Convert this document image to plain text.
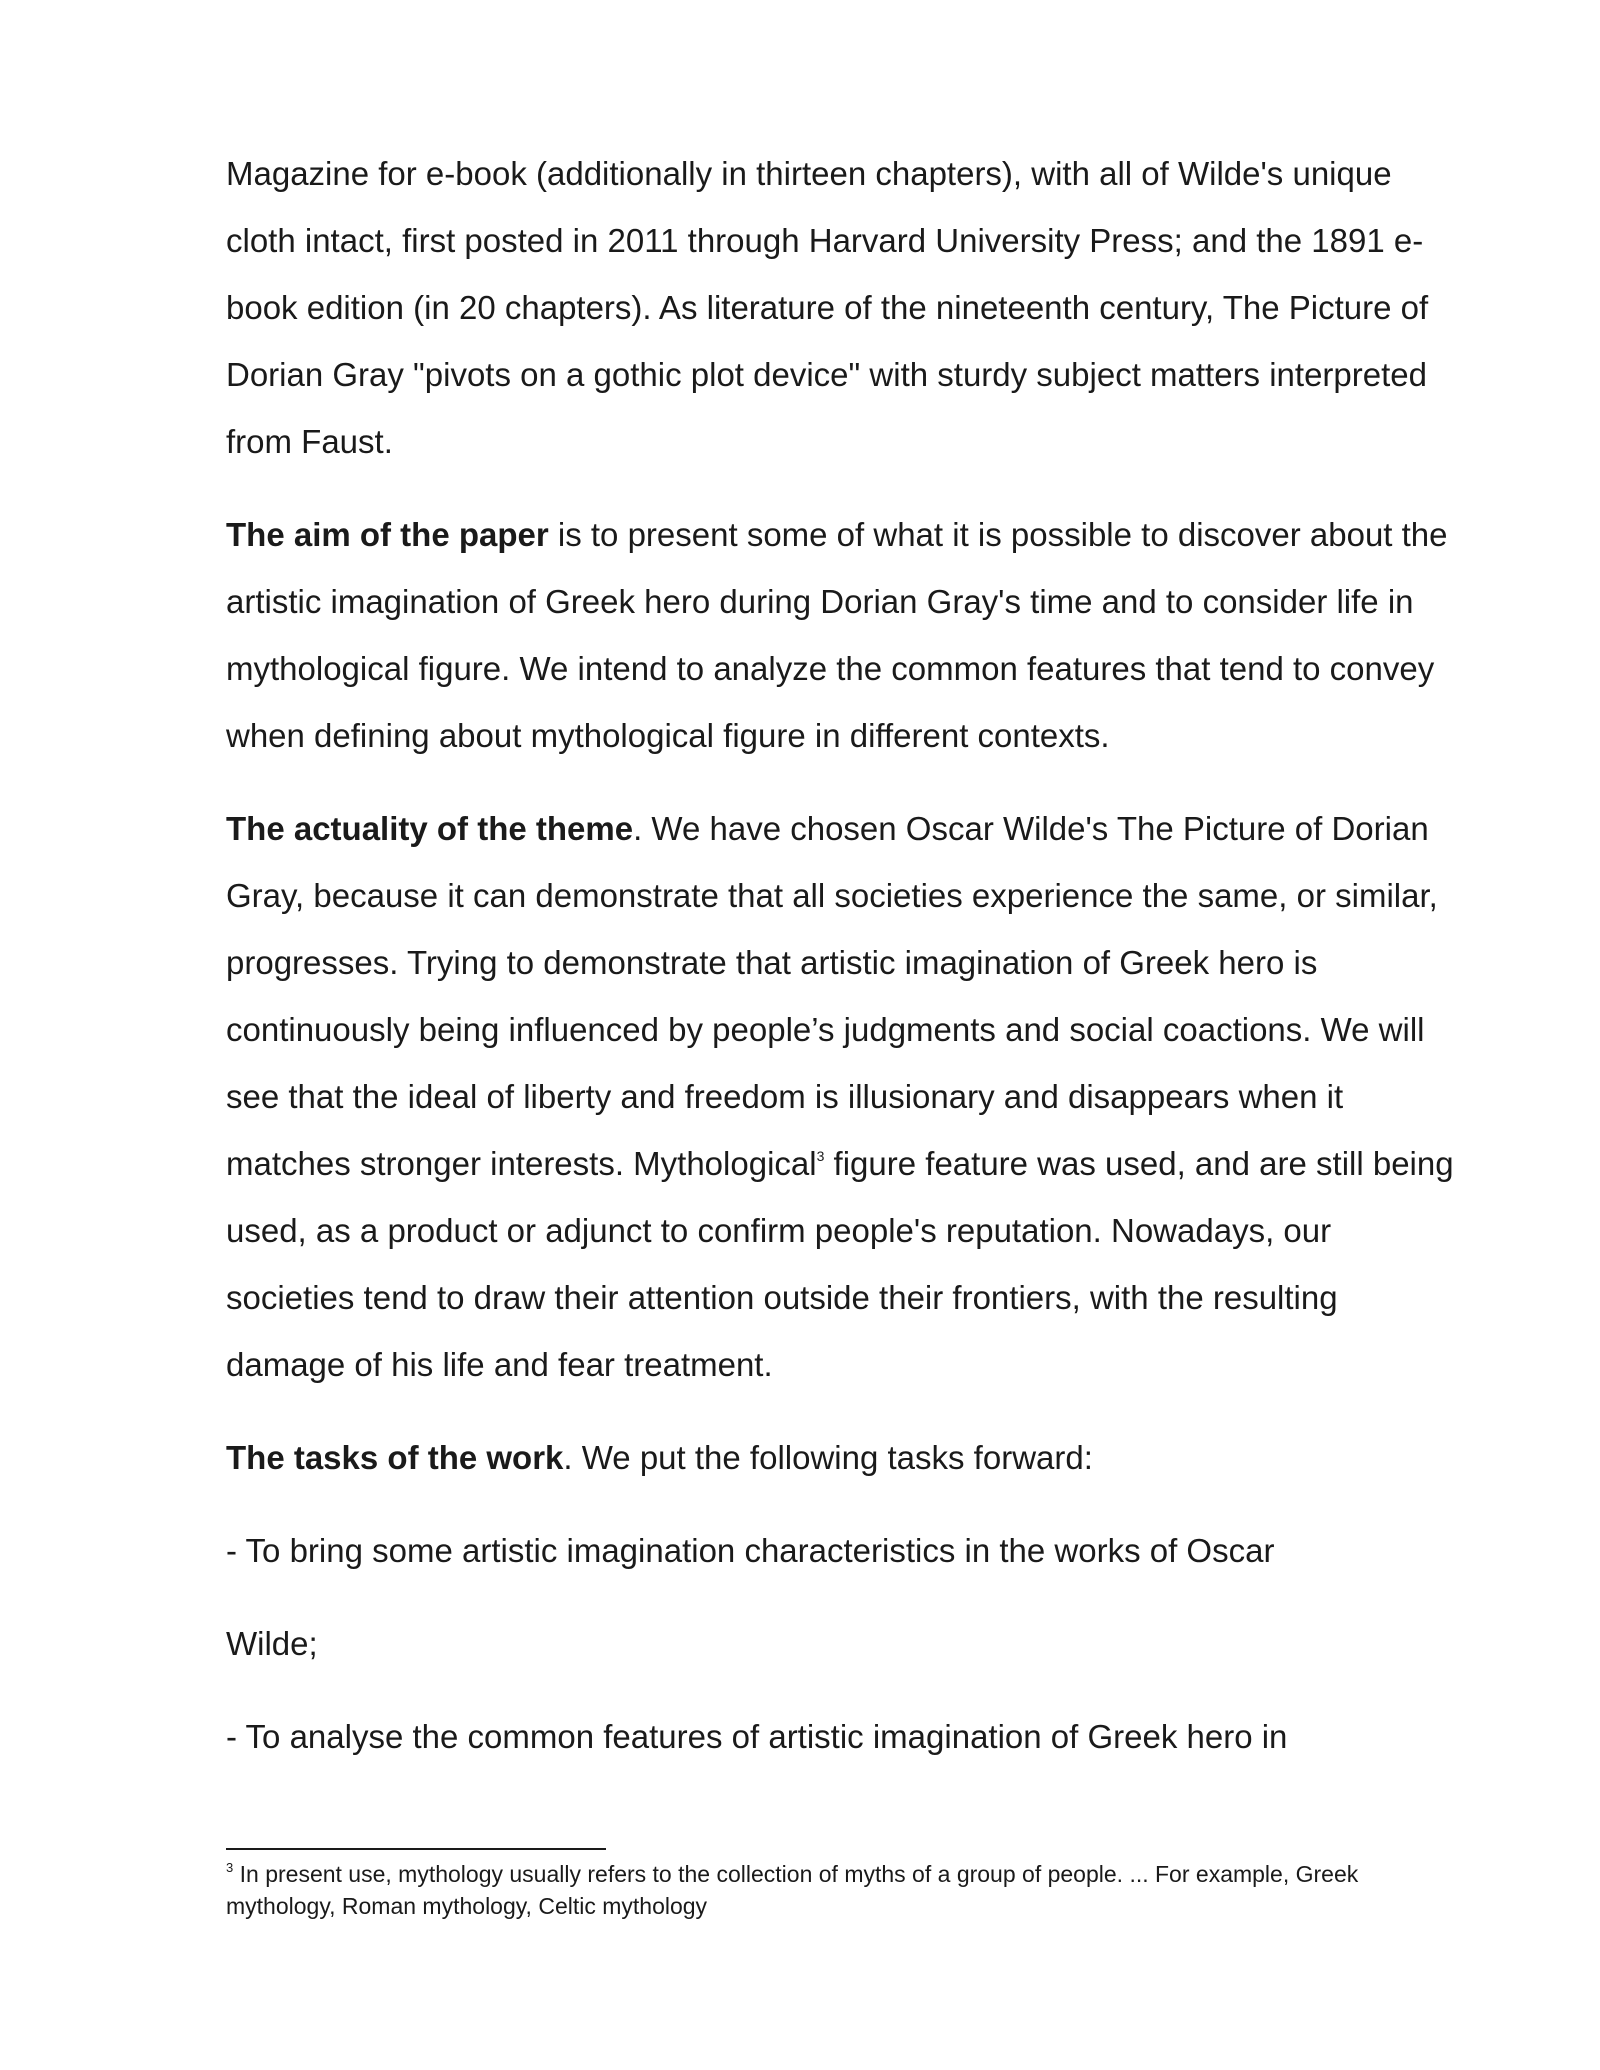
Magazine for e-book (additionally in thirteen chapters), with all of Wilde's unique cloth intact, first posted in 2011 through Harvard University Press; and the 1891 e-book edition (in 20 chapters). As literature of the nineteenth century, The Picture of Dorian Gray "pivots on a gothic plot device" with sturdy subject matters interpreted from Faust.

The aim of the paper is to present some of what it is possible to discover about the artistic imagination of Greek hero during Dorian Gray's time and to consider life in mythological figure. We intend to analyze the common features that tend to convey when defining about mythological figure in different contexts.

The actuality of the theme. We have chosen Oscar Wilde's The Picture of Dorian Gray, because it can demonstrate that all societies experience the same, or similar, progresses. Trying to demonstrate that artistic imagination of Greek hero is continuously being influenced by people’s judgments and social coactions. We will see that the ideal of liberty and freedom is illusionary and disappears when it matches stronger interests. Mythological$^3$ figure feature was used, and are still being used, as a product or adjunct to confirm people's reputation. Nowadays, our societies tend to draw their attention outside their frontiers, with the resulting damage of his life and fear treatment.

The tasks of the work. We put the following tasks forward:

- To bring some artistic imagination characteristics in the works of Oscar

Wilde;

- To analyse the common features of artistic imagination of Greek hero in

$^3$ In present use, mythology usually refers to the collection of myths of a group of people. ... For example, Greek mythology, Roman mythology, Celtic mythology
